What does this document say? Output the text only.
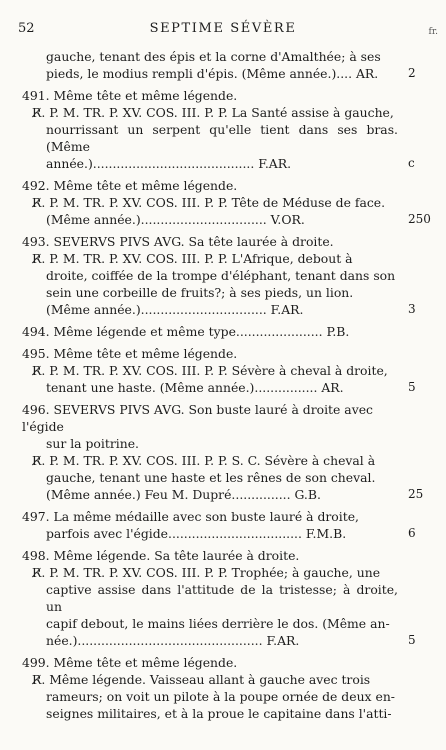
52	SEPTIME SÉVÈRE	fr.
gauche, tenant des épis et la corne d'Amalthée; à ses
pieds, le modius rempli d'épis. (Même année.).... AR.
491. Même tête et même légende.
R̸. P. M. TR. P. XV. COS. III. P. P. La Santé assise à gauche,
nourrissant un serpent qu'elle tient dans ses bras. (Même
année.)......................................... F.AR.
492. Même tête et même légende.
R̸. P. M. TR. P. XV. COS. III. P. P. Tête de Méduse de face.
(Même année.)................................ V.OR.
493. SEVERVS PIVS AVG. Sa tête laurée à droite.
R̸. P. M. TR. P. XV. COS. III. P. P. L'Afrique, debout à
droite, coiffée de la trompe d'éléphant, tenant dans son
sein une corbeille de fruits?; à ses pieds, un lion.
(Même année.)................................ F.AR.
494. Même légende et même type...................... P.B.
495. Même tête et même légende.
R̸. P. M. TR. P. XV. COS. III. P. P. Sévère à cheval à droite,
tenant une haste. (Même année.)................ AR.
496. SEVERVS PIVS AVG. Son buste lauré à droite avec l'égide
sur la poitrine.
R̸. P. M. TR. P. XV. COS. III. P. P. S. C. Sévère à cheval à
gauche, tenant une haste et les rênes de son cheval.
(Même année.) Feu M. Dupré............... G.B.
497. La même médaille avec son buste lauré à droite,
parfois avec l'égide.................................. F.M.B.
498. Même légende. Sa tête laurée à droite.
R̸. P. M. TR. P. XV. COS. III. P. P. Trophée; à gauche, une
captive assise dans l'attitude de la tristesse; à droite, un
capif debout, le mains liées derrière le dos. (Même an-
née.)............................................... F.AR.
499. Même tête et même légende.
R̸. Même légende. Vaisseau allant à gauche avec trois
rameurs; on voit un pilote à la poupe ornée de deux en-
seignes militaires, et à la proue le capitaine dans l'atti-
2
c
250
3
5
25
6
5
